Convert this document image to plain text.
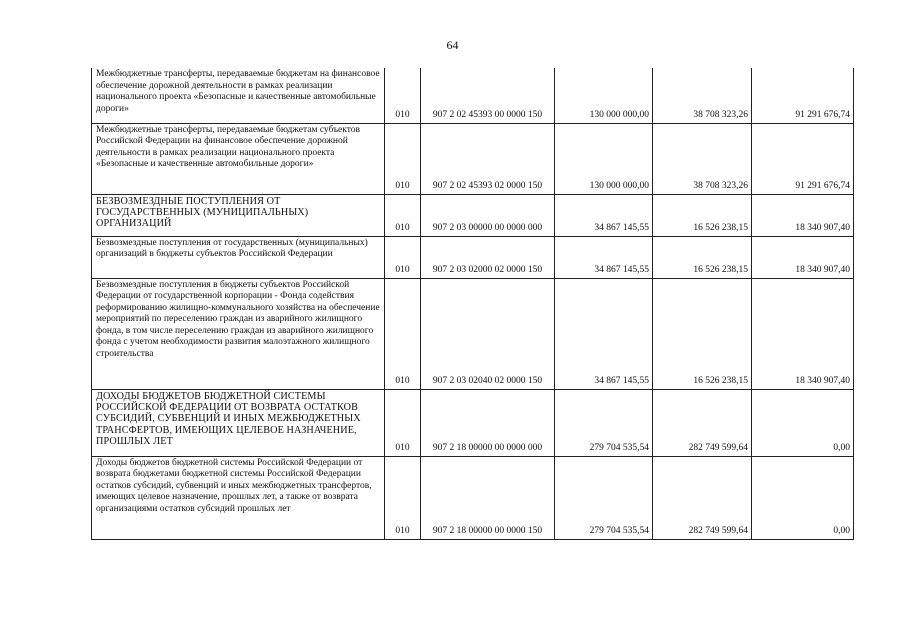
64
Межбюджетные трансферты, передаваемые бюджетам на финансовое обеспечение дорожной деятельности в рамках реализации национального проекта «Безопасные и качественные автомобильные дороги»	010	907 2 02 45393 00 0000 150	130 000 000,00	38 708 323,26	91 291 676,74
Межбюджетные трансферты, передаваемые бюджетам субъектов Российской Федерации на финансовое обеспечение дорожной деятельности в рамках реализации национального проекта «Безопасные и качественные автомобильные дороги»	010	907 2 02 45393 02 0000 150	130 000 000,00	38 708 323,26	91 291 676,74
БЕЗВОЗМЕЗДНЫЕ ПОСТУПЛЕНИЯ ОТ ГОСУДАРСТВЕННЫХ (МУНИЦИПАЛЬНЫХ) ОРГАНИЗАЦИЙ	010	907 2 03 00000 00 0000 000	34 867 145,55	16 526 238,15	18 340 907,40
Безвозмездные поступления от государственных (муниципальных) организаций в бюджеты субъектов Российской Федерации	010	907 2 03 02000 02 0000 150	34 867 145,55	16 526 238,15	18 340 907,40
Безвозмездные поступления в бюджеты субъектов Российской Федерации от государственной корпорации - Фонда содействия реформированию жилищно-коммунального хозяйства на обеспечение мероприятий по переселению граждан из аварийного жилищного фонда, в том числе переселению граждан из аварийного жилищного фонда с учетом необходимости развития малоэтажного жилищного строительства	010	907 2 03 02040 02 0000 150	34 867 145,55	16 526 238,15	18 340 907,40
ДОХОДЫ БЮДЖЕТОВ БЮДЖЕТНОЙ СИСТЕМЫ РОССИЙСКОЙ ФЕДЕРАЦИИ ОТ ВОЗВРАТА ОСТАТКОВ СУБСИДИЙ, СУБВЕНЦИЙ И ИНЫХ МЕЖБЮДЖЕТНЫХ ТРАНСФЕРТОВ, ИМЕЮЩИХ ЦЕЛЕВОЕ НАЗНАЧЕНИЕ, ПРОШЛЫХ ЛЕТ	010	907 2 18 00000 00 0000 000	279 704 535,54	282 749 599,64	0,00
Доходы бюджетов бюджетной системы Российской Федерации от возврата бюджетами бюджетной системы Российской Федерации остатков субсидий, субвенций и иных межбюджетных трансфертов, имеющих целевое назначение, прошлых лет, а также от возврата организациями остатков субсидий прошлых лет	010	907 2 18 00000 00 0000 150	279 704 535,54	282 749 599,64	0,00
